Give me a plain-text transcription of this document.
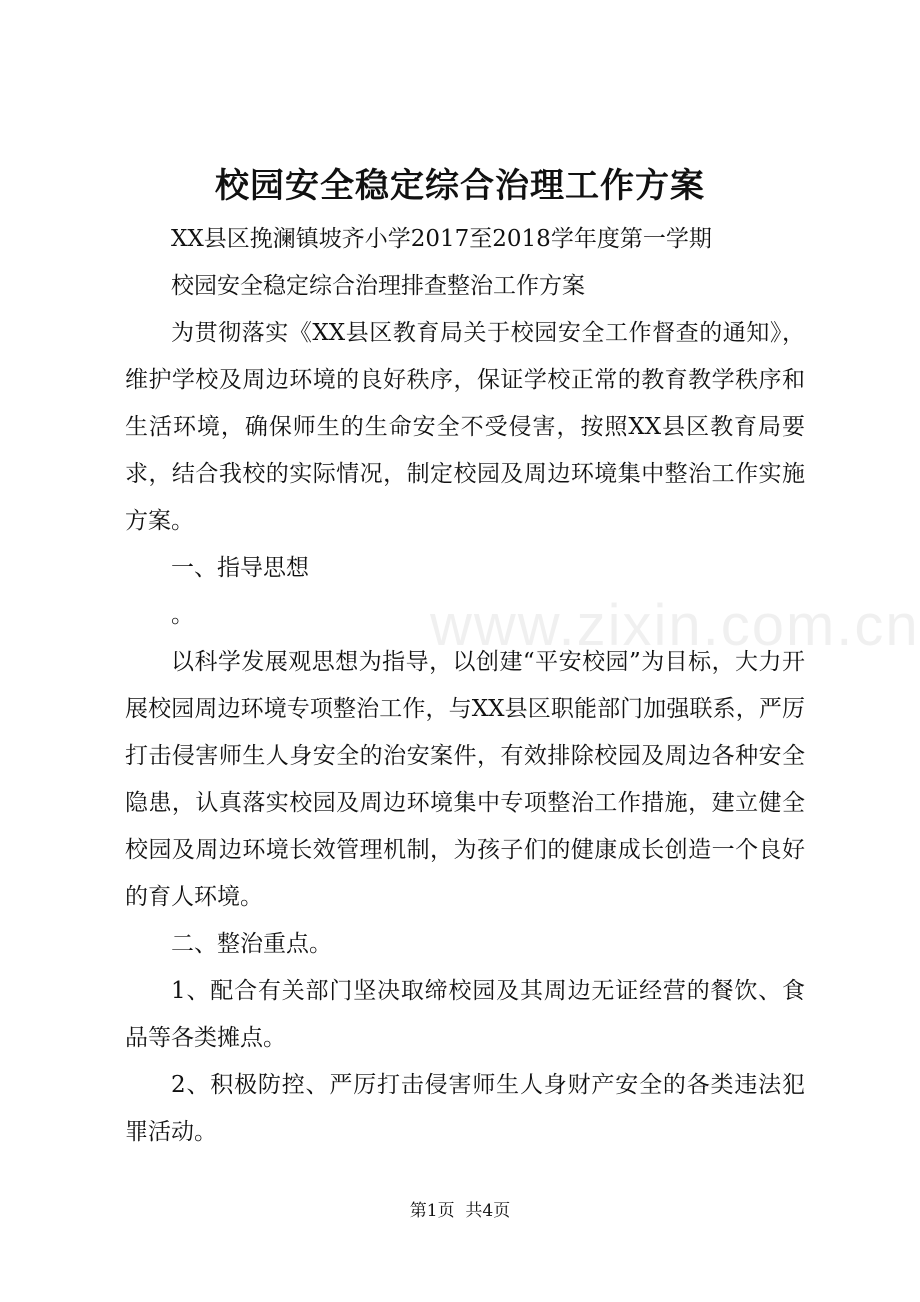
www.zixin.com.cn
校园安全稳定综合治理工作方案

XX县区挽澜镇坡齐小学2017至2018学年度第一学期

校园安全稳定综合治理排查整治工作方案

为贯彻落实《XX县区教育局关于校园安全工作督查的通知》，维护学校及周边环境的良好秩序，保证学校正常的教育教学秩序和生活环境，确保师生的生命安全不受侵害，按照XX县区教育局要求，结合我校的实际情况，制定校园及周边环境集中整治工作实施方案。

一、指导思想

。

以科学发展观思想为指导，以创建“平安校园”为目标，大力开展校园周边环境专项整治工作，与XX县区职能部门加强联系，严厉打击侵害师生人身安全的治安案件，有效排除校园及周边各种安全隐患，认真落实校园及周边环境集中专项整治工作措施，建立健全校园及周边环境长效管理机制，为孩子们的健康成长创造一个良好的育人环境。

二、整治重点。

1、配合有关部门坚决取缔校园及其周边无证经营的餐饮、食品等各类摊点。

2、积极防控、严厉打击侵害师生人身财产安全的各类违法犯罪活动。

第1页  共4页
